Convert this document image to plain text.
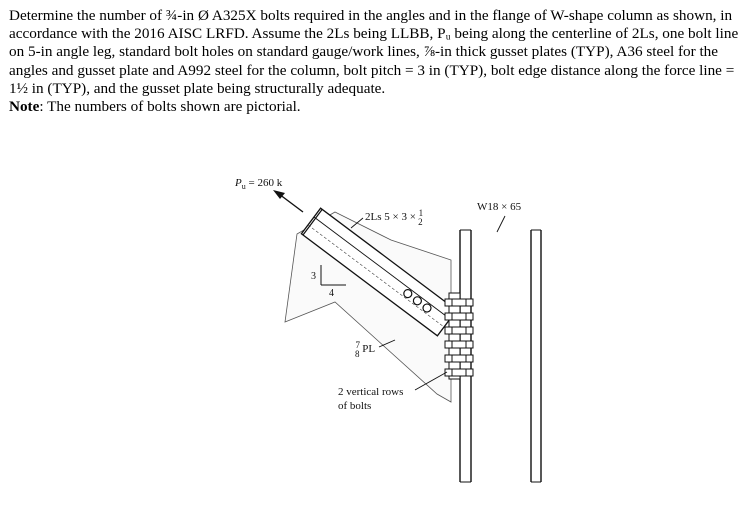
Determine the number of ¾-in Ø A325X bolts required in the angles and in the flange of W-shape column as shown, in accordance with the 2016 AISC LRFD. Assume the 2Ls being LLBB, Pᵤ being along the centerline of 2Ls, one bolt line on 5-in angle leg, standard bolt holes on standard gauge/work lines, ⅞-in thick gusset plates (TYP), A36 steel for the angles and gusset plate and A992 steel for the column, bolt pitch = 3 in (TYP), bolt edge distance along the force line = 1½ in (TYP), and the gusset plate being structurally adequate.
Note: The numbers of bolts shown are pictorial.

$P_u = 260$ k
2Ls 5 × 3 × $^1$ 2
3
4
W18 × 65
$^7$ 8 PL
2 vertical rows
of bolts
